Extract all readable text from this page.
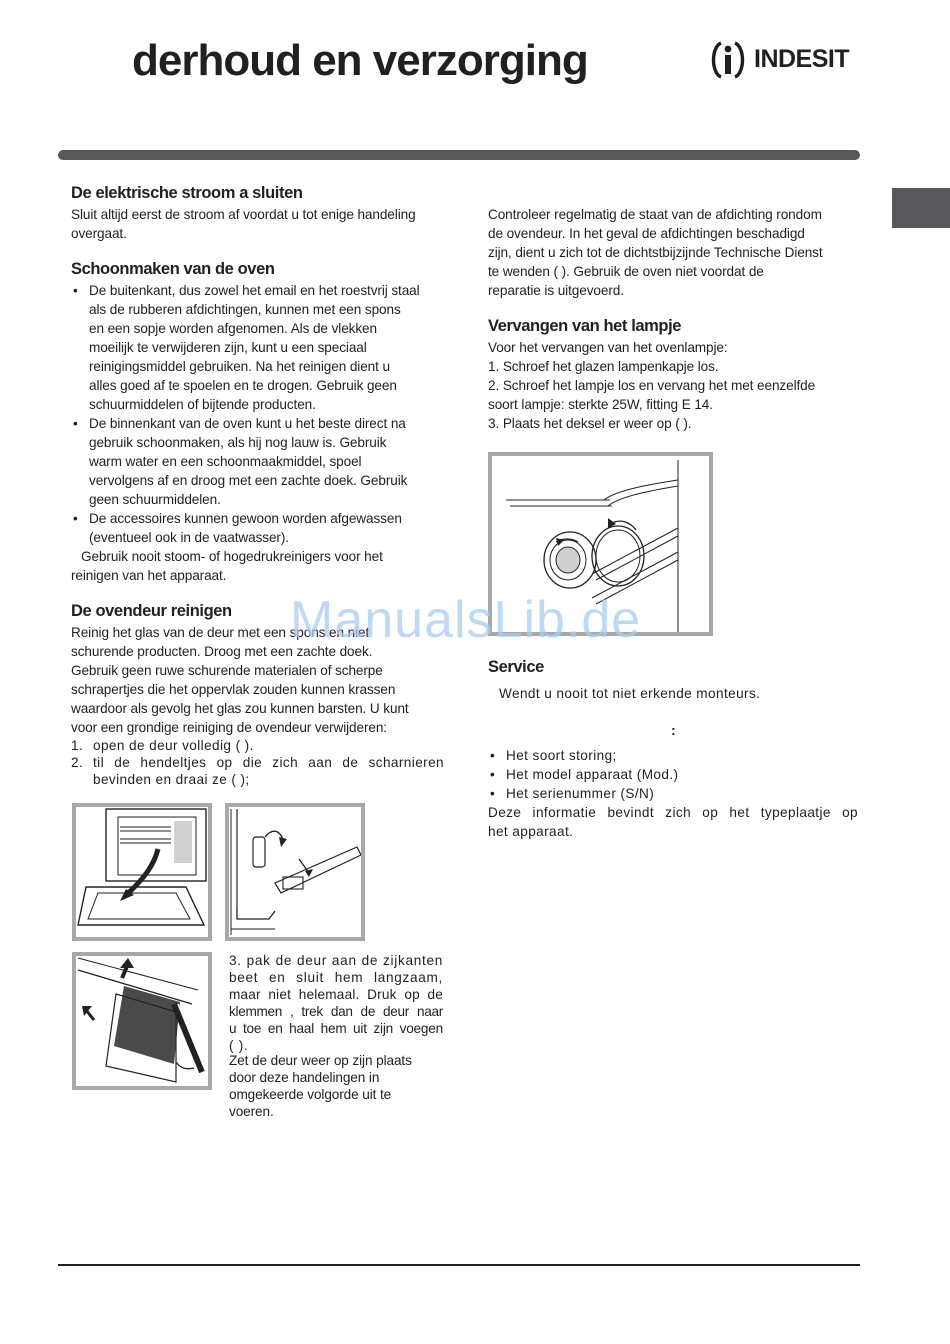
derhoud en verzorging	INDESIT
De elektrische stroom a sluiten

Sluit altijd eerst de stroom af voordat u tot enige handeling

overgaat.

Schoonmaken van de oven
• De buitenkant, dus zowel het email en het roestvrij staal

als de rubberen afdichtingen, kunnen met een spons

en een sopje worden afgenomen. Als de vlekken

moeilijk te verwijderen zijn, kunt u een speciaal

reinigingsmiddel gebruiken. Na het reinigen dient u

alles goed af te spoelen en te drogen. Gebruik geen

schuurmiddelen of bijtende producten.

• De binnenkant van de oven kunt u het beste direct na

gebruik schoonmaken, als hij nog lauw is. Gebruik

warm water en een schoonmaakmiddel, spoel

vervolgens af en droog met een zachte doek. Gebruik

geen schuurmiddelen.

• De accessoires kunnen gewoon worden afgewassen

(eventueel ook in de vaatwasser).

Gebruik nooit stoom- of hogedrukreinigers voor het

reinigen van het apparaat.

De ovendeur reinigen

Reinig het glas van de deur met een spons en niet

schurende producten. Droog met een zachte doek.

Gebruik geen ruwe schurende materialen of scherpe

schrapertjes die het oppervlak zouden kunnen krassen

waardoor als gevolg het glas zou kunnen barsten. U kunt

voor een grondige reiniging de ovendeur verwijderen:

1. open de deur volledig ( ).

2. til de hendeltjes op die zich aan de scharnieren

bevinden en draai ze ( );

3. pak de deur aan de zijkanten

beet en sluit hem langzaam,

maar niet helemaal. Druk op de

klemmen , trek dan de deur naar

u toe en haal hem uit zijn voegen

( ).

Zet de deur weer op zijn plaats

door deze handelingen in

omgekeerde volgorde uit te

voeren.

Controleer regelmatig de staat van de afdichting rondom

de ovendeur. In het geval de afdichtingen beschadigd

zijn, dient u zich tot de dichtstbijzijnde Technische Dienst

te wenden ( ). Gebruik de oven niet voordat de

reparatie is uitgevoerd.

Vervangen van het lampje

Voor het vervangen van het ovenlampje:

1. Schroef het glazen lampenkapje los.

2. Schroef het lampje los en vervang het met eenzelfde

soort lampje: sterkte 25W, fitting E 14.

3. Plaats het deksel er weer op ( ).

Service
Wendt u nooit tot niet erkende monteurs.
:
• Het soort storing;

• Het model apparaat (Mod.)

• Het serienummer (S/N)

Deze informatie bevindt zich op het typeplaatje op

het apparaat.

ManualsLib.de
